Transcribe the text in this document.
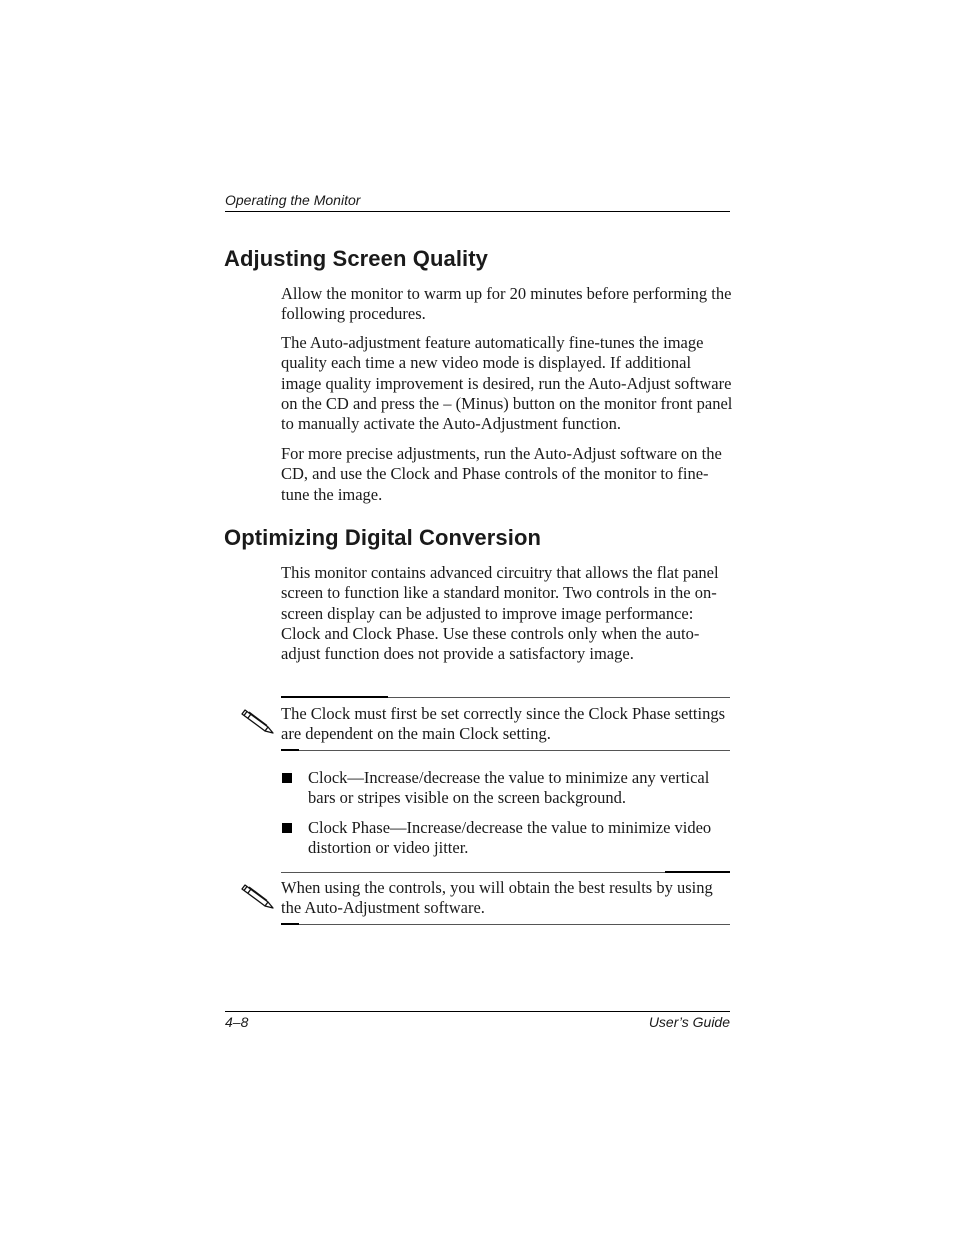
Operating the Monitor
Adjusting Screen Quality

Allow the monitor to warm up for 20 minutes before performing the following procedures.

The Auto-adjustment feature automatically fine-tunes the image quality each time a new video mode is displayed. If additional image quality improvement is desired, run the Auto-Adjust software on the CD and press the – (Minus) button on the monitor front panel to manually activate the Auto-Adjustment function.

For more precise adjustments, run the Auto-Adjust software on the CD, and use the Clock and Phase controls of the monitor to fine-tune the image.

Optimizing Digital Conversion

This monitor contains advanced circuitry that allows the flat panel screen to function like a standard monitor. Two controls in the on-screen display can be adjusted to improve image performance: Clock and Clock Phase. Use these controls only when the auto-adjust function does not provide a satisfactory image.

The Clock must first be set correctly since the Clock Phase settings are dependent on the main Clock setting.

Clock—Increase/decrease the value to minimize any vertical bars or stripes visible on the screen background.

Clock Phase—Increase/decrease the value to minimize video distortion or video jitter.

When using the controls, you will obtain the best results by using the Auto-Adjustment software.

4–8	User’s Guide
